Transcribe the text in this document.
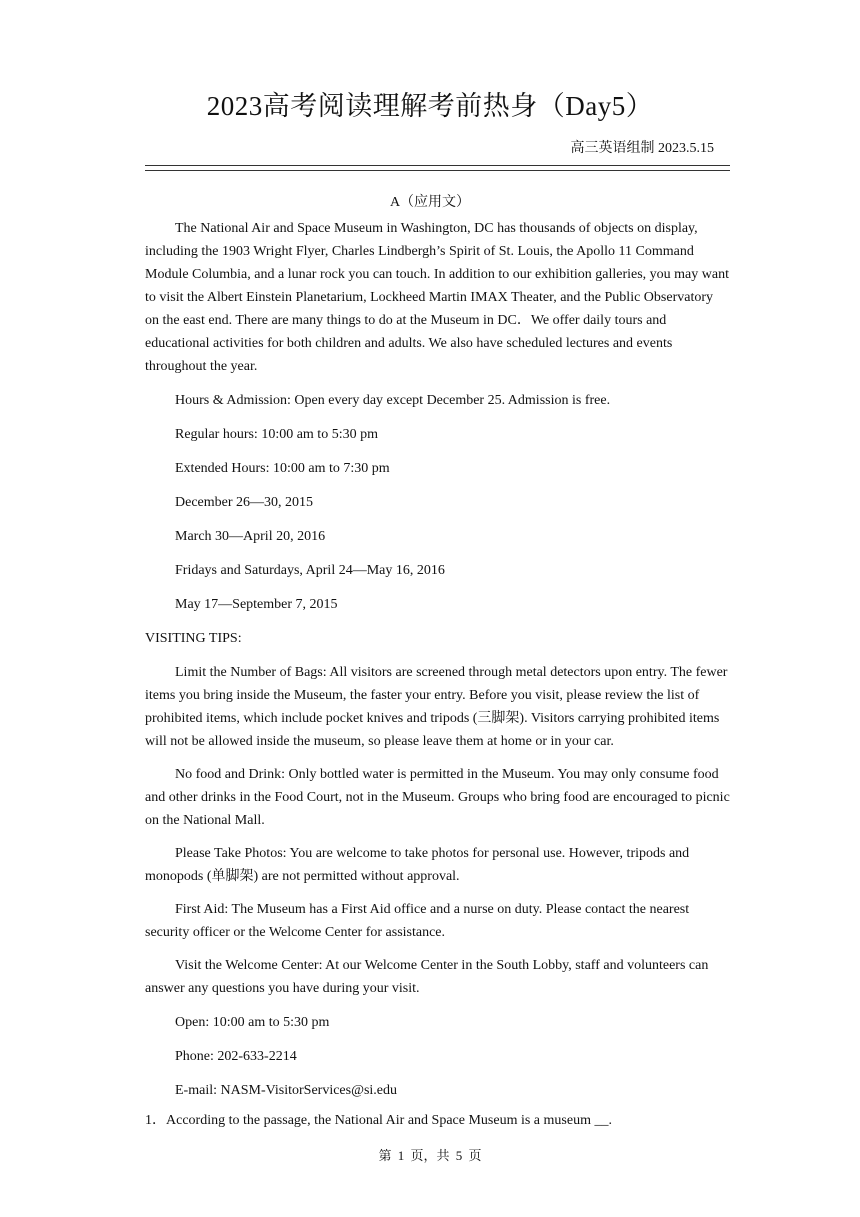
2023高考阅读理解考前热身（Day5）
高三英语组制 2023.5.15
A（应用文）

The National Air and Space Museum in Washington, DC has thousands of objects on display, including the 1903 Wright Flyer, Charles Lindbergh’s Spirit of St. Louis, the Apollo 11 Command Module Columbia, and a lunar rock you can touch. In addition to our exhibition galleries, you may want to visit the Albert Einstein Planetarium, Lockheed Martin IMAX Theater, and the Public Observatory on the east end. There are many things to do at the Museum in DC．We offer daily tours and educational activities for both children and adults. We also have scheduled lectures and events throughout the year.

Hours & Admission: Open every day except December 25. Admission is free.

Regular hours: 10:00 am to 5:30 pm

Extended Hours: 10:00 am to 7:30 pm

December 26—30, 2015

March 30—April 20, 2016

Fridays and Saturdays, April 24—May 16, 2016

May 17—September 7, 2015

VISITING TIPS:

Limit the Number of Bags: All visitors are screened through metal detectors upon entry. The fewer items you bring inside the Museum, the faster your entry. Before you visit, please review the list of prohibited items, which include pocket knives and tripods (三脚架). Visitors carrying prohibited items will not be allowed inside the museum, so please leave them at home or in your car.

No food and Drink: Only bottled water is permitted in the Museum. You may only consume food and other drinks in the Food Court, not in the Museum. Groups who bring food are encouraged to picnic on the National Mall.

Please Take Photos: You are welcome to take photos for personal use. However, tripods and monopods (单脚架) are not permitted without approval.

First Aid: The Museum has a First Aid office and a nurse on duty. Please contact the nearest security officer or the Welcome Center for assistance.

Visit the Welcome Center: At our Welcome Center in the South Lobby, staff and volunteers can answer any questions you have during your visit.

Open: 10:00 am to 5:30 pm

Phone: 202-633-2214

E-mail: NASM-VisitorServices@si.edu

1．According to the passage, the National Air and Space Museum is a museum __.
第 1 页，共 5 页
